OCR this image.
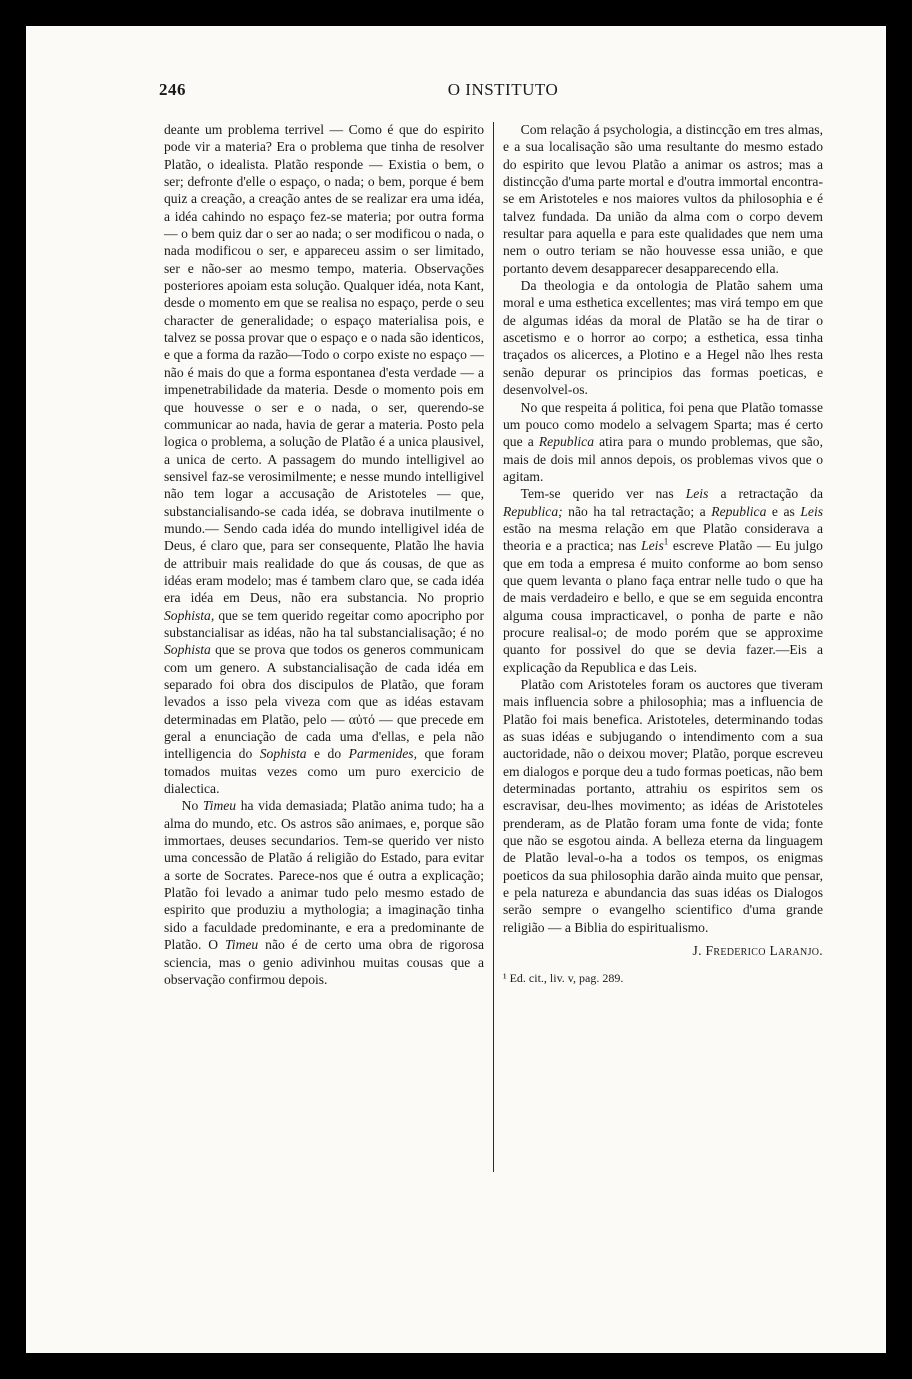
246	O INSTITUTO

deante um problema terrivel — Como é que do espirito pode vir a materia? Era o problema que tinha de resolver Platão, o idealista. Platão responde — Existia o bem, o ser; defronte d'elle o espaço, o nada; o bem, porque é bem quiz a creação, a creação antes de se realizar era uma idéa, a idéa cahindo no espaço fez-se materia; por outra forma — o bem quiz dar o ser ao nada; o ser modificou o nada, o nada modificou o ser, e appareceu assim o ser limitado, ser e não-ser ao mesmo tempo, materia. Observações posteriores apoiam esta solução. Qualquer idéa, nota Kant, desde o momento em que se realisa no espaço, perde o seu character de generalidade; o espaço materialisa pois, e talvez se possa provar que o espaço e o nada são identicos, e que a forma da razão—Todo o corpo existe no espaço — não é mais do que a forma espontanea d'esta verdade — a impenetrabilidade da materia. Desde o momento pois em que houvesse o ser e o nada, o ser, querendo-se communicar ao nada, havia de gerar a materia. Posto pela logica o problema, a solução de Platão é a unica plausivel, a unica de certo. A passagem do mundo intelligivel ao sensivel faz-se verosimilmente; e nesse mundo intelligivel não tem logar a accusação de Aristoteles — que, substancialisando-se cada idéa, se dobrava inutilmente o mundo.— Sendo cada idéa do mundo intelligivel idéa de Deus, é claro que, para ser consequente, Platão lhe havia de attribuir mais realidade do que ás cousas, de que as idéas eram modelo; mas é tambem claro que, se cada idéa era idéa em Deus, não era substancia. No proprio Sophista, que se tem querido regeitar como apocripho por substancialisar as idéas, não ha tal substancialisação; é no Sophista que se prova que todos os generos communicam com um genero. A substancialisação de cada idéa em separado foi obra dos discipulos de Platão, que foram levados a isso pela viveza com que as idéas estavam determinadas em Platão, pelo — αὐτό — que precede em geral a enunciação de cada uma d'ellas, e pela não intelligencia do Sophista e do Parmenides, que foram tomados muitas vezes como um puro exercicio de dialectica.

No Timeu ha vida demasiada; Platão anima tudo; ha a alma do mundo, etc. Os astros são animaes, e, porque são immortaes, deuses secundarios. Tem-se querido ver nisto uma concessão de Platão á religião do Estado, para evitar a sorte de Socrates. Parece-nos que é outra a explicação; Platão foi levado a animar tudo pelo mesmo estado de espirito que produziu a mythologia; a imaginação tinha sido a faculdade predominante, e era a predominante de Platão. O Timeu não é de certo uma obra de rigorosa sciencia, mas o genio adivinhou muitas cousas que a observação confirmou depois.

Com relação á psychologia, a distincção em tres almas, e a sua localisação são uma resultante do mesmo estado do espirito que levou Platão a animar os astros; mas a distincção d'uma parte mortal e d'outra immortal encontra-se em Aristoteles e nos maiores vultos da philosophia e é talvez fundada. Da união da alma com o corpo devem resultar para aquella e para este qualidades que nem uma nem o outro teriam se não houvesse essa união, e que portanto devem desapparecer desapparecendo ella.

Da theologia e da ontologia de Platão sahem uma moral e uma esthetica excellentes; mas virá tempo em que de algumas idéas da moral de Platão se ha de tirar o ascetismo e o horror ao corpo; a esthetica, essa tinha traçados os alicerces, a Plotino e a Hegel não lhes resta senão depurar os principios das formas poeticas, e desenvolvel-os.

No que respeita á politica, foi pena que Platão tomasse um pouco como modelo a selvagem Sparta; mas é certo que a Republica atira para o mundo problemas, que são, mais de dois mil annos depois, os problemas vivos que o agitam.

Tem-se querido ver nas Leis a retractação da Republica; não ha tal retractação; a Republica e as Leis estão na mesma relação em que Platão considerava a theoria e a practica; nas Leis$^1$ escreve Platão — Eu julgo que em toda a empresa é muito conforme ao bom senso que quem levanta o plano faça entrar nelle tudo o que ha de mais verdadeiro e bello, e que se em seguida encontra alguma cousa impracticavel, o ponha de parte e não procure realisal-o; de modo porém que se approxime quanto for possivel do que se devia fazer.—Eis a explicação da Republica e das Leis.

Platão com Aristoteles foram os auctores que tiveram mais influencia sobre a philosophia; mas a influencia de Platão foi mais benefica. Aristoteles, determinando todas as suas idéas e subjugando o intendimento com a sua auctoridade, não o deixou mover; Platão, porque escreveu em dialogos e porque deu a tudo formas poeticas, não bem determinadas portanto, attrahiu os espiritos sem os escravisar, deu-lhes movimento; as idéas de Aristoteles prenderam, as de Platão foram uma fonte de vida; fonte que não se esgotou ainda. A belleza eterna da linguagem de Platão leval-o-ha a todos os tempos, os enigmas poeticos da sua philosophia darão ainda muito que pensar, e pela natureza e abundancia das suas idéas os Dialogos serão sempre o evangelho scientifico d'uma grande religião — a Biblia do espiritualismo.

J. Frederico Laranjo.

¹ Ed. cit., liv. v, pag. 289.
